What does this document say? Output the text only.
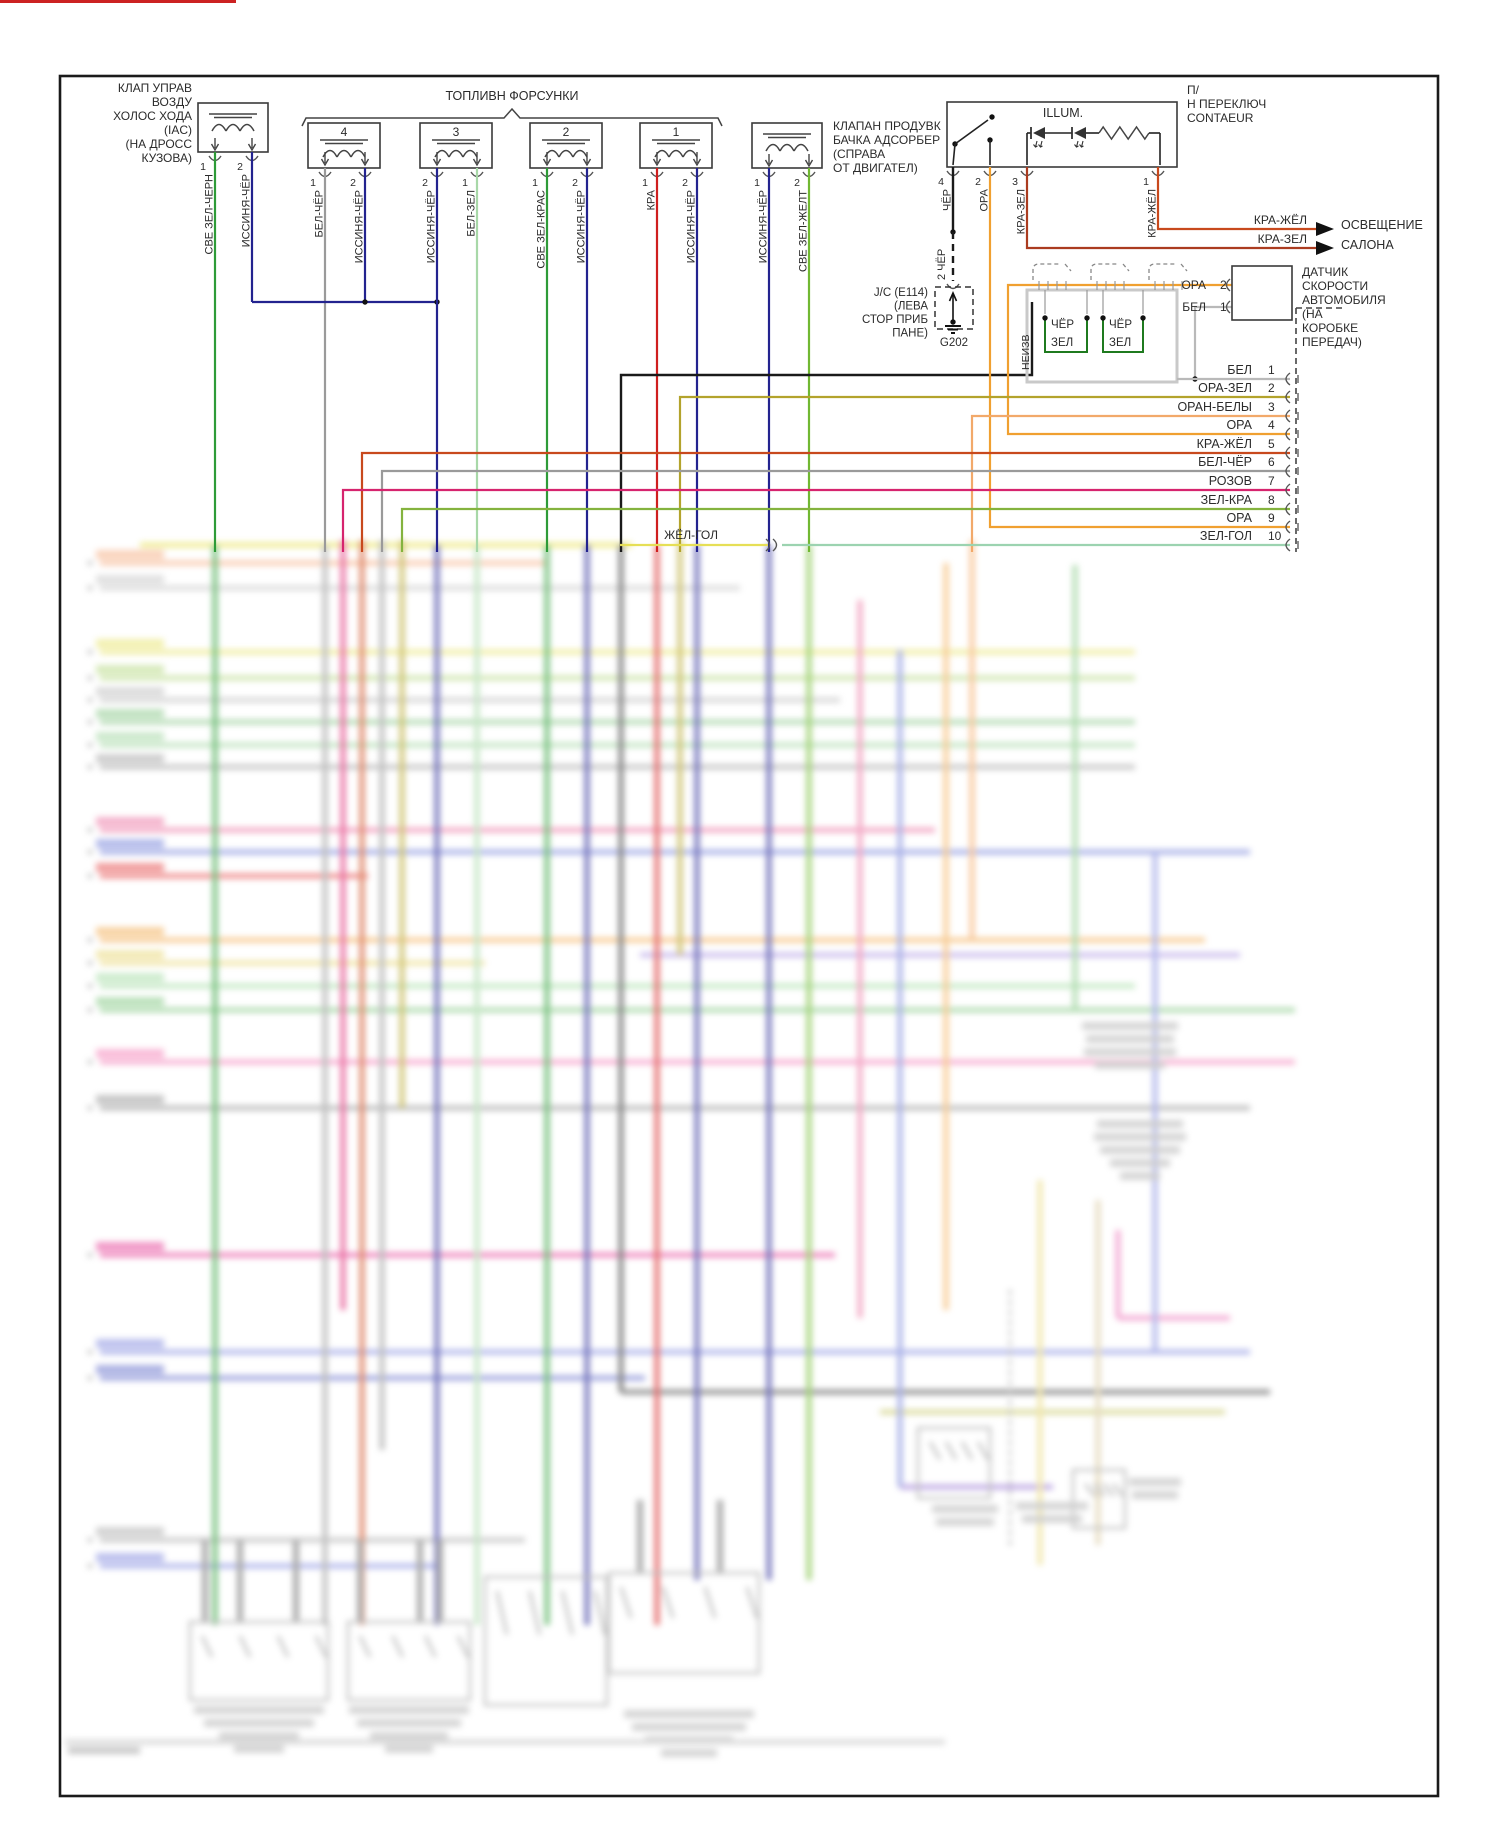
КЛАП УПРАВ
ВОЗДУ
ХОЛОС ХОДА
(IAC)
(НА ДРОСС
КУЗОВА)
1
СВЕ ЗЕЛ-ЧЕРН
2
ИССИНЯ-ЧЁР
ТОПЛИВН ФОРСУНКИ
4
1
БЕЛ-ЧЁР
2
ИССИНЯ-ЧЁР
3
2
ИССИНЯ-ЧЁР
1
БЕЛ-ЗЕЛ
2
1
СВЕ ЗЕЛ-КРАС
2
ИССИНЯ-ЧЁР
1
1
КРА
2
ИССИНЯ-ЧЁР
КЛАПАН ПРОДУВК
БАЧКА АДСОРБЕР
(СПРАВА
ОТ ДВИГАТЕЛ)
1
ИССИНЯ-ЧЁР
2
СВЕ ЗЕЛ-ЖЕЛТ
ILLUM.
П/
Н ПЕРЕКЛЮЧ
CONTAEUR
4
ЧЁР
2
ОРА
3
КРА-ЗЕЛ
1
КРА-ЖЁЛ
2 ЧЁР
G202
J/C (E114)
(ЛЕВА
СТОР ПРИБ
ПАНЕ)
КРА-ЖЁЛ
КРА-ЗЕЛ
ОСВЕЩЕНИЕ
САЛОНА
ЧЁР
ЗЕЛ
ЧЁР
ЗЕЛ
НЕИЗВ
ОРА 2
БЕЛ 1
ДАТЧИК
СКОРОСТИ
АВТОМОБИЛЯ
(НА
КОРОБКЕ
ПЕРЕДАЧ)
БЕЛ 1
ОРА-ЗЕЛ 2
ОРАН-БЕЛЫ 3
ОРА 4
КРА-ЖЁЛ 5
БЕЛ-ЧЁР 6
РОЗОВ 7
ЗЕЛ-КРА 8
ОРА 9
ЖЁЛ-ГОЛ	ЗЕЛ-ГОЛ 10
